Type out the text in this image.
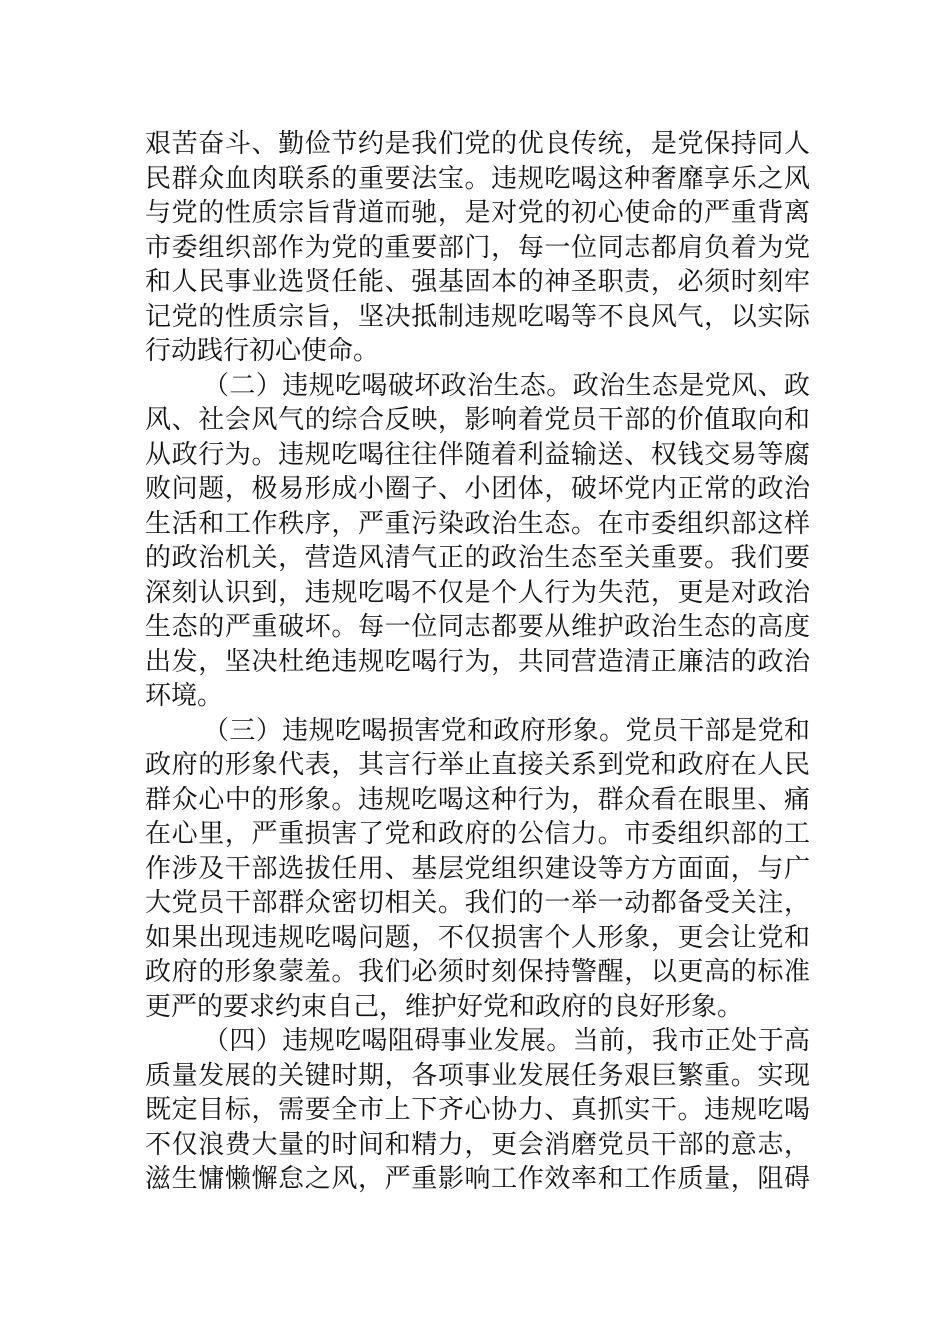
艰苦奋斗、勤俭节约是我们党的优良传统，是党保持同人
民群众血肉联系的重要法宝。违规吃喝这种奢靡享乐之风
与党的性质宗旨背道而驰，是对党的初心使命的严重背离
市委组织部作为党的重要部门，每一位同志都肩负着为党
和人民事业选贤任能、强基固本的神圣职责，必须时刻牢
记党的性质宗旨，坚决抵制违规吃喝等不良风气，以实际
行动践行初心使命。
（二）违规吃喝破坏政治生态。政治生态是党风、政
风、社会风气的综合反映，影响着党员干部的价值取向和
从政行为。违规吃喝往往伴随着利益输送、权钱交易等腐
败问题，极易形成小圈子、小团体，破坏党内正常的政治
生活和工作秩序，严重污染政治生态。在市委组织部这样
的政治机关，营造风清气正的政治生态至关重要。我们要
深刻认识到，违规吃喝不仅是个人行为失范，更是对政治
生态的严重破坏。每一位同志都要从维护政治生态的高度
出发，坚决杜绝违规吃喝行为，共同营造清正廉洁的政治
环境。
（三）违规吃喝损害党和政府形象。党员干部是党和
政府的形象代表，其言行举止直接关系到党和政府在人民
群众心中的形象。违规吃喝这种行为，群众看在眼里、痛
在心里，严重损害了党和政府的公信力。市委组织部的工
作涉及干部选拔任用、基层党组织建设等方方面面，与广
大党员干部群众密切相关。我们的一举一动都备受关注，
如果出现违规吃喝问题，不仅损害个人形象，更会让党和
政府的形象蒙羞。我们必须时刻保持警醒，以更高的标准
更严的要求约束自己，维护好党和政府的良好形象。
（四）违规吃喝阻碍事业发展。当前，我市正处于高
质量发展的关键时期，各项事业发展任务艰巨繁重。实现
既定目标，需要全市上下齐心协力、真抓实干。违规吃喝
不仅浪费大量的时间和精力，更会消磨党员干部的意志，
滋生慵懒懈怠之风，严重影响工作效率和工作质量，阻碍
